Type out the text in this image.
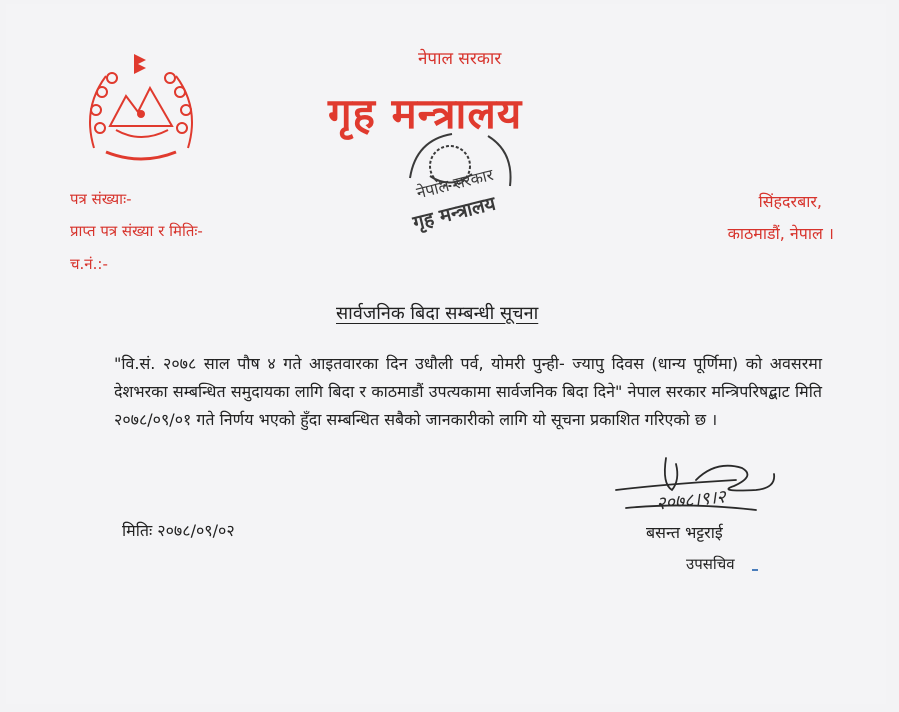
नेपाल सरकार
गृह मन्त्रालय
नेपाल सरकार
गृह मन्त्रालय
पत्र संख्याः-
प्राप्त पत्र संख्या र मितिः-
च.नं.:-
सिंहदरबार,
काठमाडौं, नेपाल ।
सार्वजनिक बिदा सम्बन्धी सूचना
"वि.सं. २०७८ साल पौष ४ गते आइतवारका दिन उधौली पर्व, योमरी पुन्ही- ज्यापु दिवस (धान्य पूर्णिमा) को अवसरमा देशभरका सम्बन्धित समुदायका लागि बिदा र काठमाडौं उपत्यकामा सार्वजनिक बिदा दिने" नेपाल सरकार मन्त्रिपरिषद्बाट मिति २०७८/०९/०१ गते निर्णय भएको हुँदा सम्बन्धित सबैको जानकारीको लागि यो सूचना प्रकाशित गरिएको छ ।
मितिः २०७८/०९/०२
२०७८।९।२
बसन्त भट्टराई
उपसचिव
